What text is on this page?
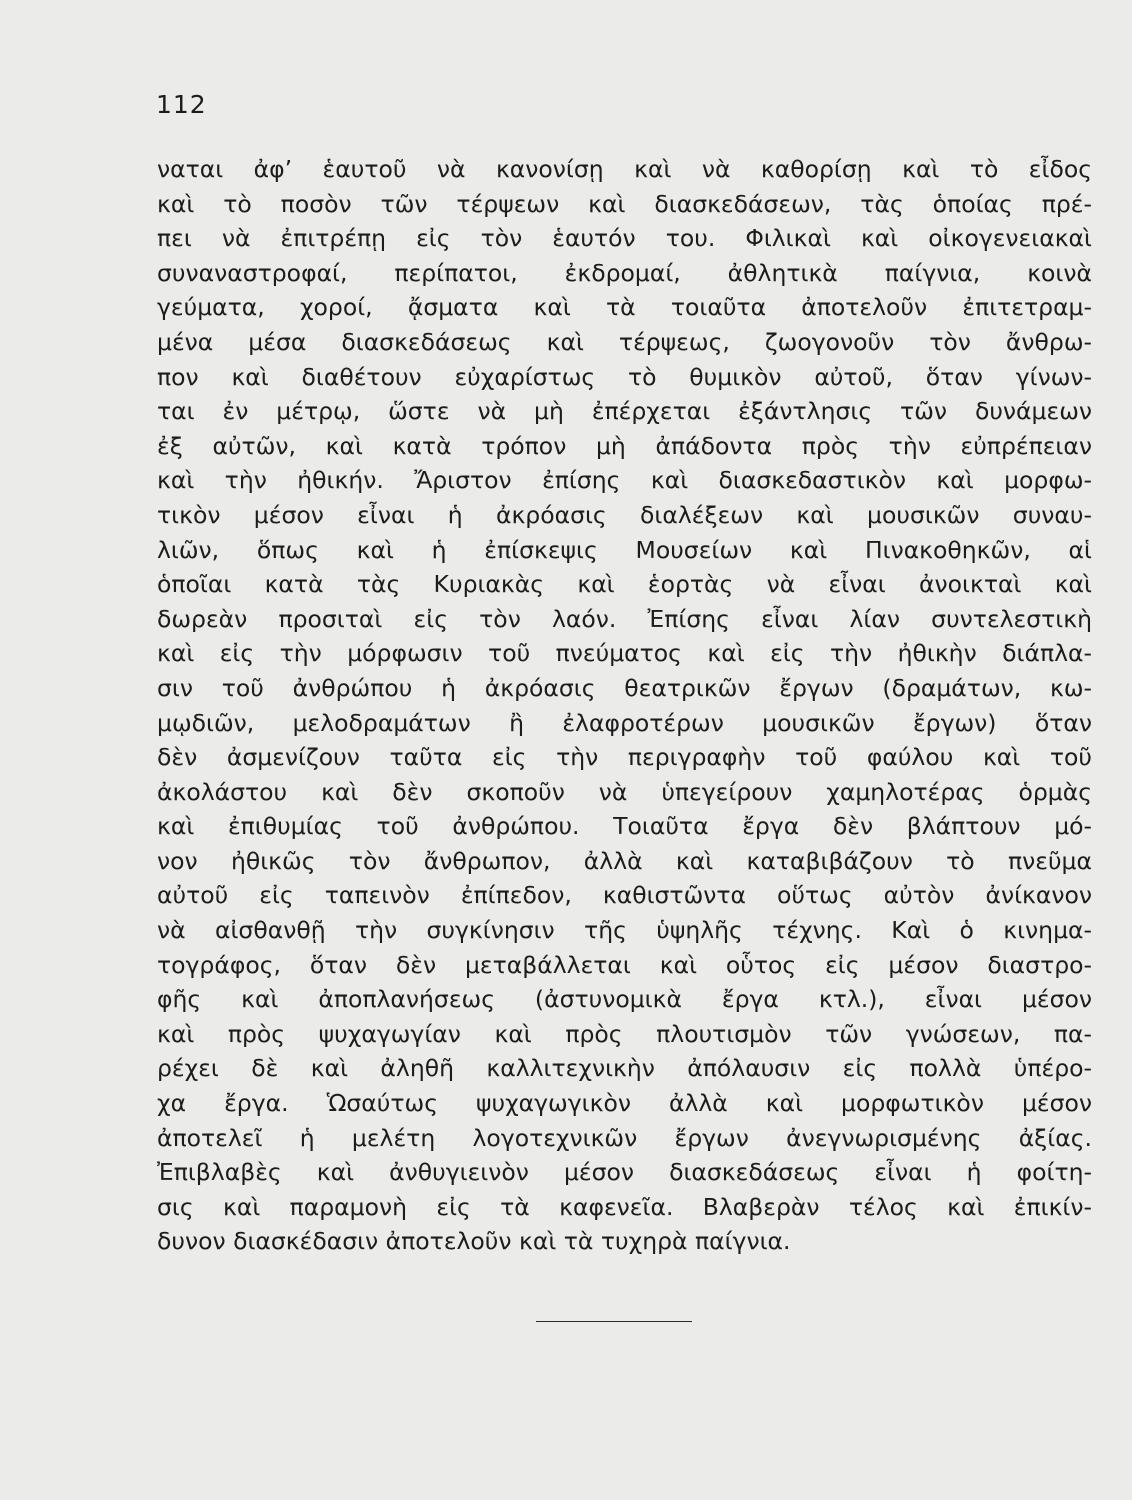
112
ναται ἀφ’ ἑαυτοῦ νὰ κανονίσῃ καὶ νὰ καθορίσῃ καὶ τὸ εἶδος
καὶ τὸ ποσὸν τῶν τέρψεων καὶ διασκεδάσεων, τὰς ὁποίας πρέ-
πει νὰ ἐπιτρέπῃ εἰς τὸν ἑαυτόν του. Φιλικαὶ καὶ οἰκογενειακαὶ
συναναστροφαί, περίπατοι, ἐκδρομαί, ἀθλητικὰ παίγνια, κοινὰ
γεύματα, χοροί, ᾄσματα καὶ τὰ τοιαῦτα ἀποτελοῦν ἐπιτετραμ-
μένα μέσα διασκεδάσεως καὶ τέρψεως, ζωογονοῦν τὸν ἄνθρω-
πον καὶ διαθέτουν εὐχαρίστως τὸ θυμικὸν αὐτοῦ, ὅταν γίνων-
ται ἐν μέτρῳ, ὥστε νὰ μὴ ἐπέρχεται ἐξάντλησις τῶν δυνάμεων
ἐξ αὐτῶν, καὶ κατὰ τρόπον μὴ ἀπάδοντα πρὸς τὴν εὐπρέπειαν
καὶ τὴν ἠθικήν. Ἄριστον ἐπίσης καὶ διασκεδαστικὸν καὶ μορφω-
τικὸν μέσον εἶναι ἡ ἀκρόασις διαλέξεων καὶ μουσικῶν συναυ-
λιῶν, ὅπως καὶ ἡ ἐπίσκεψις Μουσείων καὶ Πινακοθηκῶν, αἱ
ὁποῖαι κατὰ τὰς Κυριακὰς καὶ ἑορτὰς νὰ εἶναι ἀνοικταὶ καὶ
δωρεὰν προσιταὶ εἰς τὸν λαόν. Ἐπίσης εἶναι λίαν συντελεστικὴ
καὶ εἰς τὴν μόρφωσιν τοῦ πνεύματος καὶ εἰς τὴν ἠθικὴν διάπλα-
σιν τοῦ ἀνθρώπου ἡ ἀκρόασις θεατρικῶν ἔργων (δραμάτων, κω-
μῳδιῶν, μελοδραμάτων ἢ ἐλαφροτέρων μουσικῶν ἔργων) ὅταν
δὲν ἀσμενίζουν ταῦτα εἰς τὴν περιγραφὴν τοῦ φαύλου καὶ τοῦ
ἀκολάστου καὶ δὲν σκοποῦν νὰ ὑπεγείρουν χαμηλοτέρας ὁρμὰς
καὶ ἐπιθυμίας τοῦ ἀνθρώπου. Τοιαῦτα ἔργα δὲν βλάπτουν μό-
νον ἠθικῶς τὸν ἄνθρωπον, ἀλλὰ καὶ καταβιβάζουν τὸ πνεῦμα
αὐτοῦ εἰς ταπεινὸν ἐπίπεδον, καθιστῶντα οὕτως αὐτὸν ἀνίκανον
νὰ αἰσθανθῇ τὴν συγκίνησιν τῆς ὑψηλῆς τέχνης. Καὶ ὁ κινημα-
τογράφος, ὅταν δὲν μεταβάλλεται καὶ οὗτος εἰς μέσον διαστρο-
φῆς καὶ ἀποπλανήσεως (ἀστυνομικὰ ἔργα κτλ.), εἶναι μέσον
καὶ πρὸς ψυχαγωγίαν καὶ πρὸς πλουτισμὸν τῶν γνώσεων, πα-
ρέχει δὲ καὶ ἀληθῆ καλλιτεχνικὴν ἀπόλαυσιν εἰς πολλὰ ὑπέρο-
χα ἔργα. Ὡσαύτως ψυχαγωγικὸν ἀλλὰ καὶ μορφωτικὸν μέσον
ἀποτελεῖ ἡ μελέτη λογοτεχνικῶν ἔργων ἀνεγνωρισμένης ἀξίας.
Ἐπιβλαβὲς καὶ ἀνθυγιεινὸν μέσον διασκεδάσεως εἶναι ἡ φοίτη-
σις καὶ παραμονὴ εἰς τὰ καφενεῖα. Βλαβερὰν τέλος καὶ ἐπικίν-
δυνον διασκέδασιν ἀποτελοῦν καὶ τὰ τυχηρὰ παίγνια.
